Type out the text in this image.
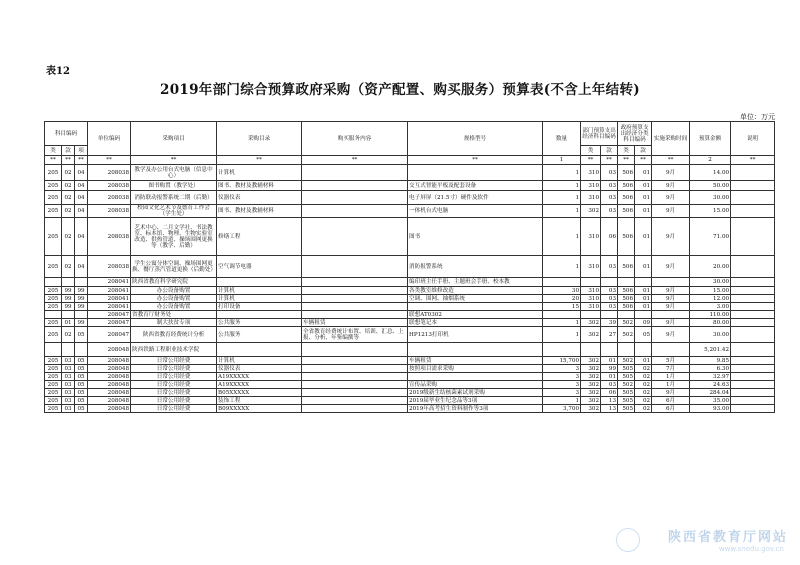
表12
2019年部门综合预算政府采购（资产配置、购买服务）预算表(不含上年结转)
单位：万元
科目编码			单位编码	采购项目	采购目录	购买服务内容	规格型号	数量	部门预算支出经济科目编码		政府预算支出经济分类科目编码		实施采购时间	预算金额	说明
类	款	项							类	款	类	款			
**	**	**	**	**	**	**	**	1	**	**	**	**	**	2	**
205	02	04	208038	教学及办公用台式电脑（信息中心）	计算机			1	310	03	506	01	9月	14.00	
205	02	04	208038	图书购置（教学处）	图书、教材及教辅材料		交互式智能平板及配套设备	1	310	03	506	01	9月	50.00	
205	02	04	208038	消防联动报警系统二期（后勤）	仪器仪表		电子屏屏（21.5寸）硬件及软件	1	310	03	506	01	9月	30.00	
205	02	04	208038	校园文化艺术节及德育工作会（学生处）	图书、教材及教辅材料		一体机台式电脑	1	302	03	506	01	9月	15.00	
205	02	04	208038	艺术中心、二月文学社、书法教室、标本馆、物理、生物实验室改造、供热管道、操场围网更换等（教学、后勤）	修缮工程		图书	1	310	06	506	01	9月	71.00	
205	02	04	208038	学生公寓分体空调、操场围网更换、餐厅蒸汽管道更换（后勤处）	空气调节电器		消防报警系统	1	310	03	506	01	9月	20.00	
			208041	陕西省教育科学研究院			编印班主任手册、主题班会手册、校本教							30.00	
205	99	99	208041	办公设备购置	计算机		各类教室维修改造	30	310	03	506	01	9月	15.00	
205	99	99	208041	办公设备购置	计算机		空调、围网、抽烟系统	20	310	03	506	01	9月	12.00	
205	99	99	208041	办公设备购置	打印设备			15	310	03	506	01	9月	3.00	
			208047	省教育厅财务处			联想AT0302							110.00	
205	01	99	208047	制大扶贫专项	公共服务	车辆租赁	联想笔记本	1	302	39	502	09	9月	80.00	
205	02	05	208047	陕西省教育经费统计分析	公共服务	全省教育经费统计布置、培训、汇总、上报、分析、年鉴编撰等	HP1213打印机	1	302	27	502	05	9月	30.00	
			208048	陕西铁路工程职业技术学院										5,201.42	
205	03	05	208048	日常公用经费	计算机		车辆租赁	15,700	302	01	502	01	5月	9.85	
205	03	05	208048	日常公用经费	仪器仪表		按照项目需求采购	3	302	99	505	02	7月	6.30	
205	03	05	208048	日常公用经费	A19XXXXX			3	302	01	505	02	1月	32.97	
205	03	05	208048	日常公用经费	A19XXXXX		宣传品采购	3	302	03	502	02	1月	24.63	
205	03	05	208048	日常公用经费	B05XXXXX		2019级新生结核菌素试剂采购	3	302	06	505	02	9月	284.04	
205	03	05	208048	日常公用经费	装饰工程		2019届毕业生纪念品等3项	1	302	13	505	02	6月	35.00	
205	03	05	208048	日常公用经费	B09XXXXX		2019年高考招生资料制作等3项	3,700	302	13	505	02	6月	93.00	
陕西省教育厅网站
www.snedu.gov.cn
